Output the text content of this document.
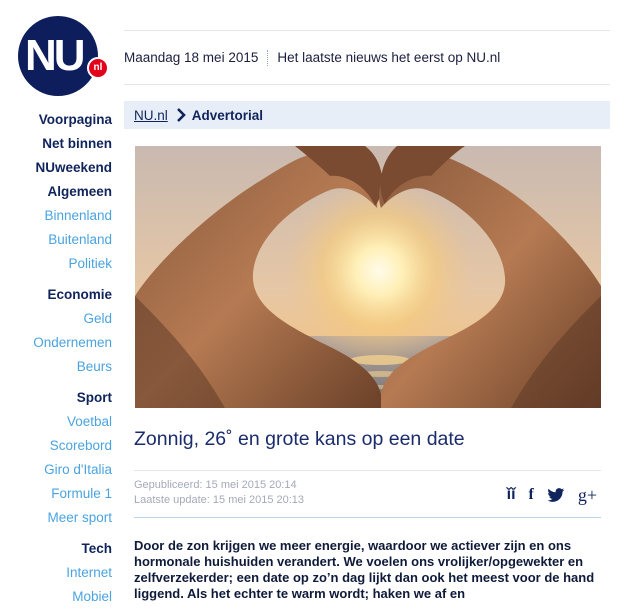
NU	nl
Maandag 18 mei 2015	Het laatste nieuws het eerst op NU.nl
Voorpagina
Net binnen
NUweekend
Algemeen
Binnenland
Buitenland
Politiek
Economie
Geld
Ondernemen
Beurs
Sport
Voetbal
Scorebord
Giro d'Italia
Formule 1
Meer sport
Tech
Internet
Mobiel
NU.nl Advertorial
Zonnig, 26˚ en grote kans op een date
Gepubliceerd: 15 mei 2015 20:14
Laatste update: 15 mei 2015 20:13	ǐǐ f g+

Door de zon krijgen we meer energie, waardoor we actiever zijn en ons hormonale huishuiden verandert. We voelen ons vrolijker/opgewekter en zelfverzekerder; een date op zo’n dag lijkt dan ook het meest voor de hand liggend. Als het echter te warm wordt; haken we af en
